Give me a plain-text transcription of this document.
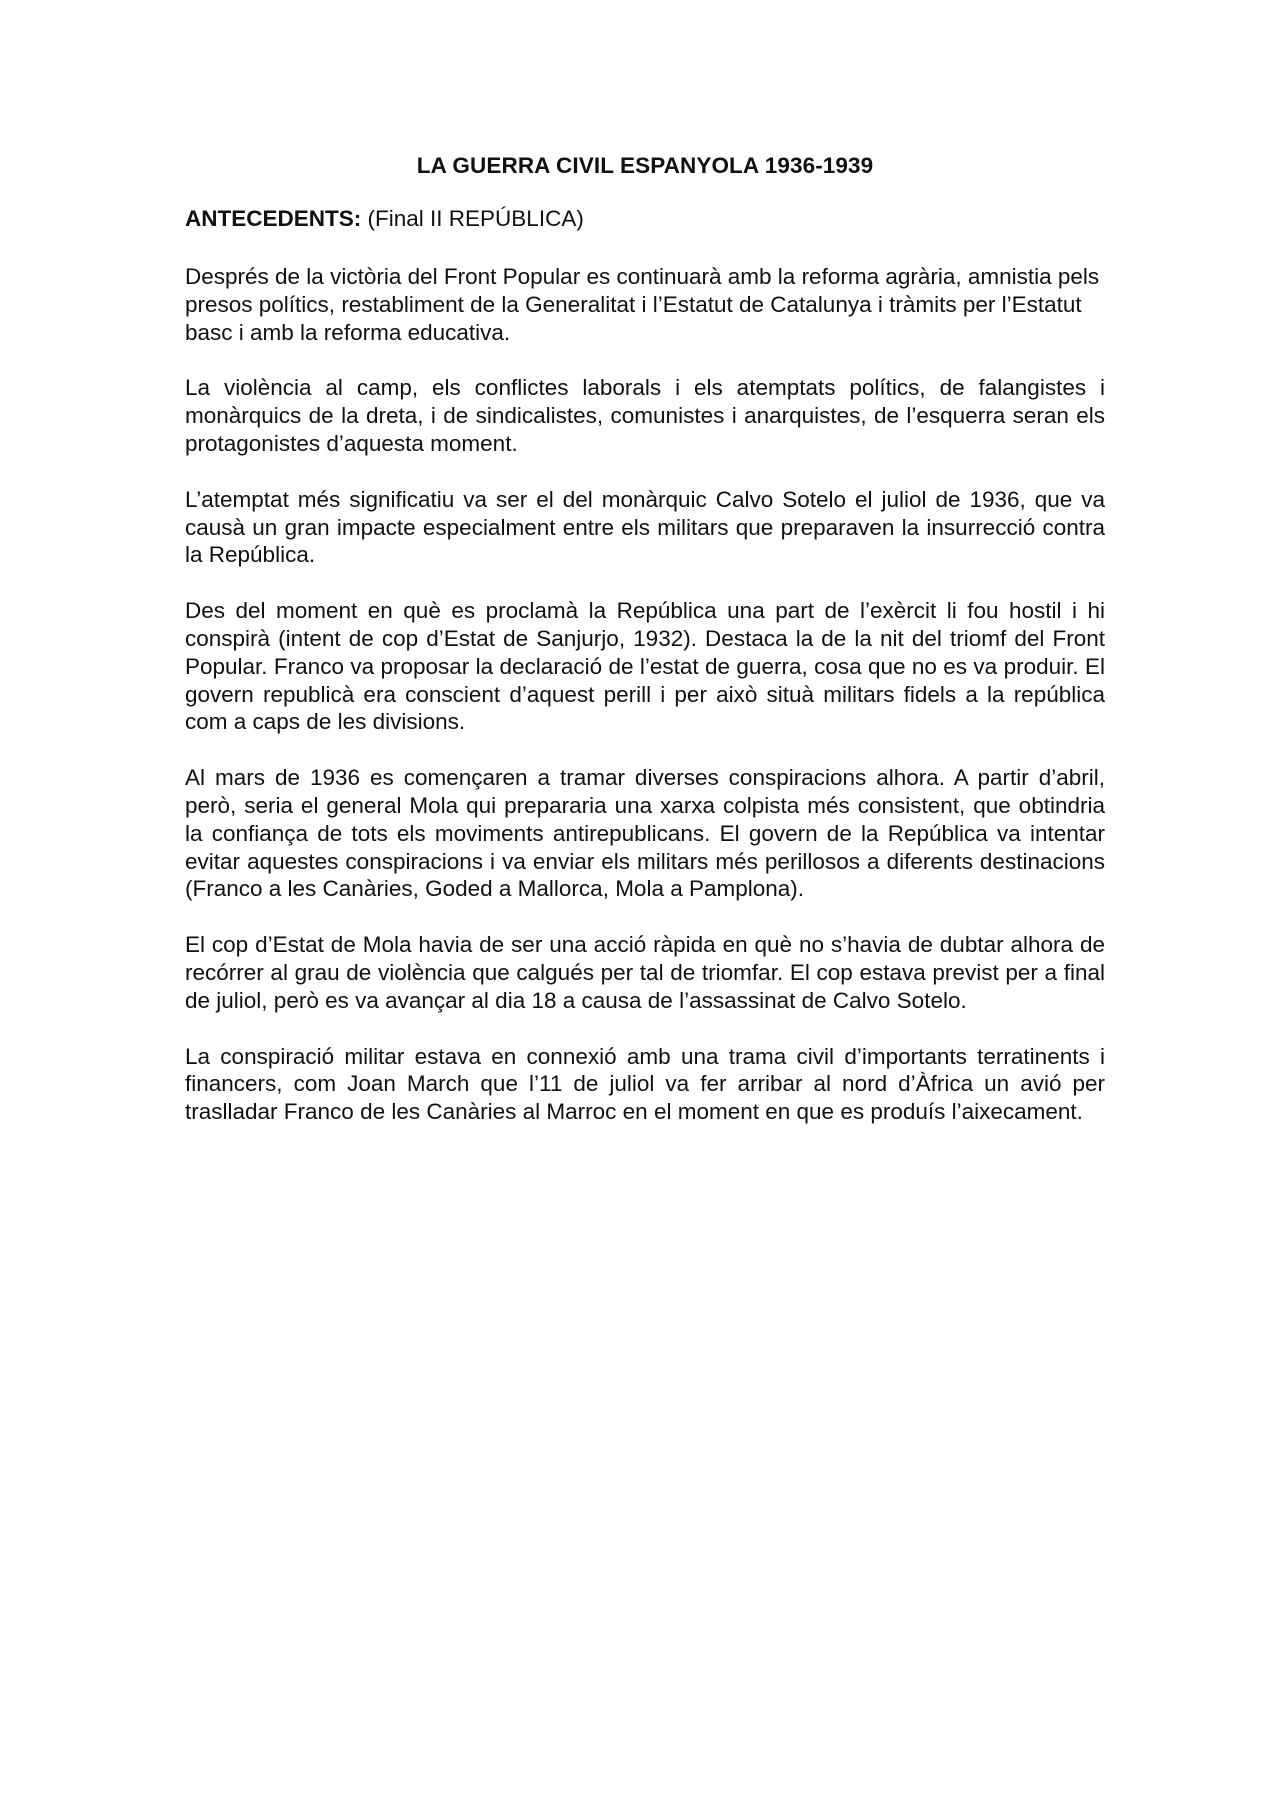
LA GUERRA CIVIL ESPANYOLA 1936-1939
ANTECEDENTS: (Final II REPÚBLICA)

Després de la victòria del Front Popular es continuarà amb la reforma agrària, amnistia pels presos polítics, restabliment de la Generalitat i l’Estatut de Catalunya i tràmits per l’Estatut basc i amb la reforma educativa.

La violència al camp, els conflictes laborals i els atemptats polítics, de falangistes i monàrquics de la dreta, i de sindicalistes, comunistes i anarquistes, de l’esquerra seran els protagonistes d’aquesta moment.

L’atemptat més significatiu va ser el del monàrquic Calvo Sotelo el juliol de 1936, que va causà un gran impacte especialment entre els militars que preparaven la insurrecció contra la República.

Des del moment en què es proclamà la República una part de l’exèrcit li fou hostil i hi conspirà (intent de cop d’Estat de Sanjurjo, 1932). Destaca la de la nit del triomf del Front Popular. Franco va proposar la declaració de l’estat de guerra, cosa que no es va produir. El govern republicà era conscient d’aquest perill i per això situà militars fidels a la república com a caps de les divisions.

Al mars de 1936 es començaren a tramar diverses conspiracions alhora. A partir d’abril, però, seria el general Mola qui prepararia una xarxa colpista més consistent, que obtindria la confiança de tots els moviments antirepublicans. El govern de la República va intentar evitar aquestes conspiracions i va enviar els militars més perillosos a diferents destinacions (Franco a les Canàries, Goded a Mallorca, Mola a Pamplona).

El cop d’Estat de Mola havia de ser una acció ràpida en què no s’havia de dubtar alhora de recórrer al grau de violència que calgués per tal de triomfar. El cop estava previst per a final de juliol, però es va avançar al dia 18 a causa de l’assassinat de Calvo Sotelo.

La conspiració militar estava en connexió amb una trama civil d’importants terratinents i financers, com Joan March que l’11 de juliol va fer arribar al nord d’Àfrica un avió per traslladar Franco de les Canàries al Marroc en el moment en que es produís l’aixecament.
